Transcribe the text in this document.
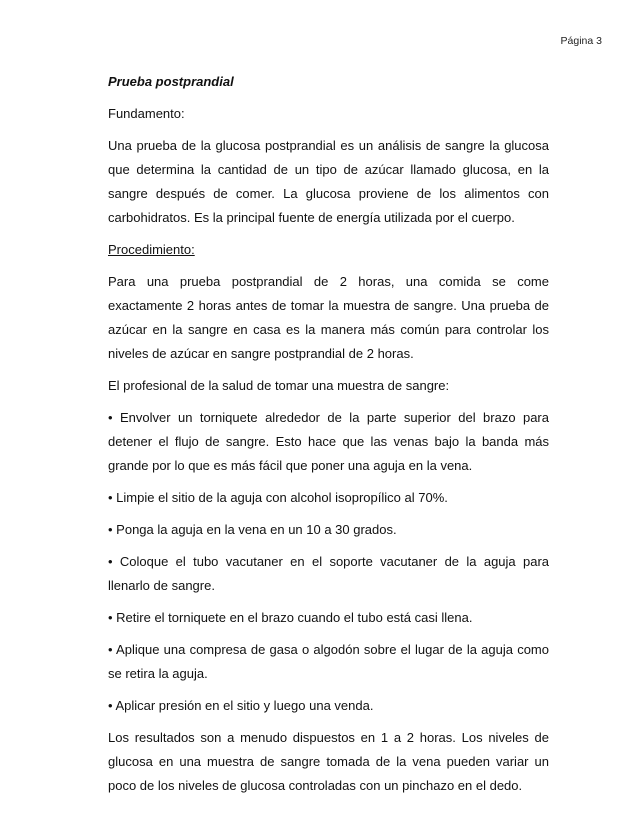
Página 3
Prueba postprandial
Fundamento:
Una prueba de la glucosa postprandial es un análisis de sangre la glucosa que determina la cantidad de un tipo de azúcar llamado glucosa, en la sangre después de comer. La glucosa proviene de los alimentos con carbohidratos. Es la principal fuente de energía utilizada por el cuerpo.
Procedimiento:
Para una prueba postprandial de 2 horas, una comida se come exactamente 2 horas antes de tomar la muestra de sangre. Una prueba de azúcar en la sangre en casa es la manera más común para controlar los niveles de azúcar en sangre postprandial de 2 horas.
El profesional de la salud de tomar una muestra de sangre:
• Envolver un torniquete alrededor de la parte superior del brazo para detener el flujo de sangre. Esto hace que las venas bajo la banda más grande por lo que es más fácil que poner una aguja en la vena.
• Limpie el sitio de la aguja con alcohol isopropílico al 70%.
• Ponga la aguja en la vena en un 10 a 30 grados.
• Coloque el tubo vacutaner en el soporte vacutaner de la aguja para llenarlo de sangre.
• Retire el torniquete en el brazo cuando el tubo está casi llena.
• Aplique una compresa de gasa o algodón sobre el lugar de la aguja como se retira la aguja.
• Aplicar presión en el sitio y luego una venda.
Los resultados son a menudo dispuestos en 1 a 2 horas. Los niveles de glucosa en una muestra de sangre tomada de la vena pueden variar un poco de los niveles de glucosa controladas con un pinchazo en el dedo.
